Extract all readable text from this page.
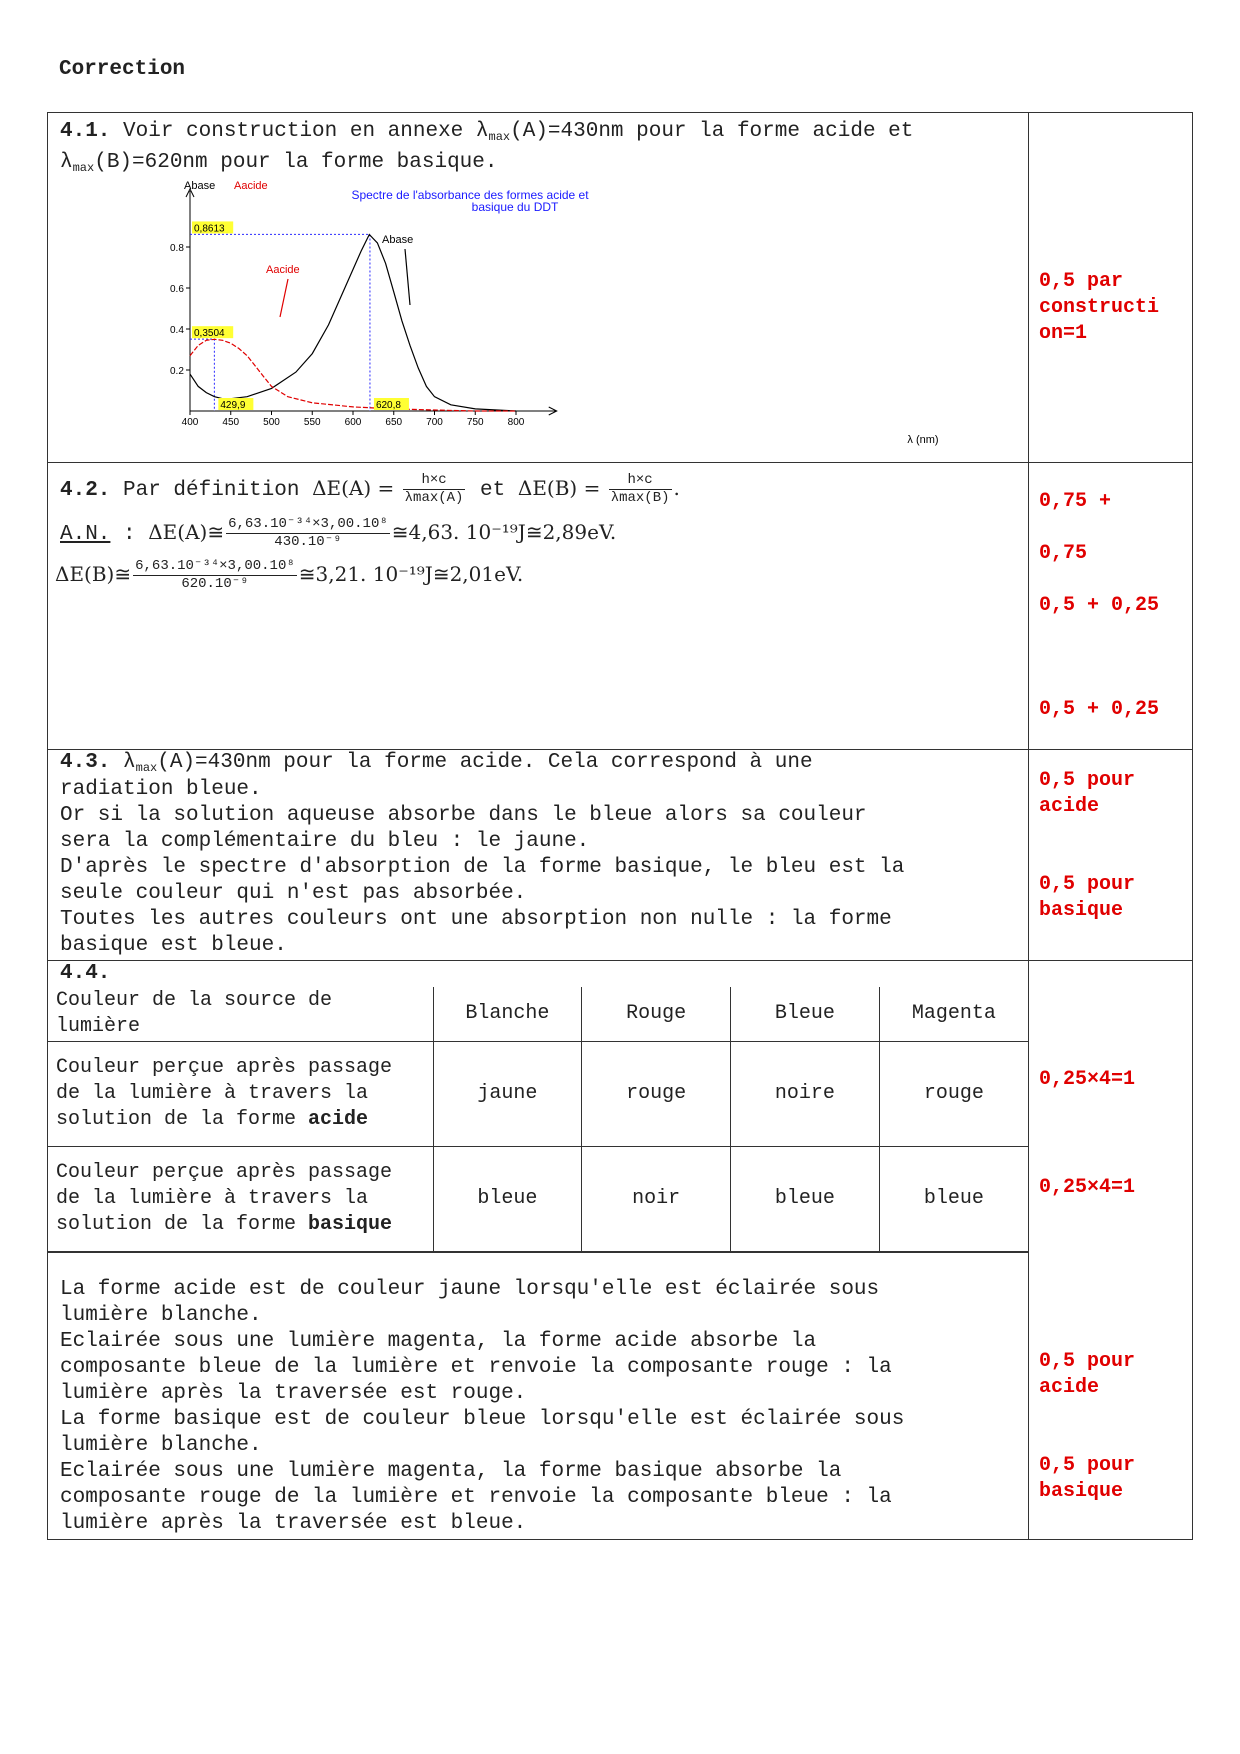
Correction
4.1. Voir construction en annexe λmax(A)=430nm pour la forme acide et
λmax(B)=620nm pour la forme basique.
400 450 500 550 600 650 700 750 800
0.2
0.4
0.6
0.8
0,8613
0,3504
429,9	620,8
Abase
Aacide
Spectre de l'absorbance des formes acide et
basique du DDT
Abase Aacide
λ (nm)

0,5 par
constructi
on=1

4.2. Par définition $\Delta E(A) = \frac{h\times c}{\lambda\max(A)}$ et $\Delta E(B) = \frac{h\times c}{\lambda\max(B)}$ .
A.N. : ΔE(A)≅ $\frac{\text{6,63.10⁻³⁴×3,00.10⁸}}{\text{430.10⁻⁹}}$ ≅4,63. 10⁻¹⁹J≅2,89eV.
ΔE(B)≅ $\frac{\text{6,63.10⁻³⁴×3,00.10⁸}}{\text{620.10⁻⁹}}$ ≅3,21. 10⁻¹⁹J≅2,01eV.

0,75 +

0,75

0,5 + 0,25

0,5 + 0,25

4.3. λmax(A)=430nm pour la forme acide. Cela correspond à une
radiation bleue.
Or si la solution aqueuse absorbe dans le bleue alors sa couleur
sera la complémentaire du bleu : le jaune.
D'après le spectre d'absorption de la forme basique, le bleu est la
seule couleur qui n'est pas absorbée.
Toutes les autres couleurs ont une absorption non nulle : la forme
basique est bleue.

0,5 pour
acide
0,5 pour
basique

4.4.
Couleur de la source de lumière	Blanche	Rouge	Bleue	Magenta
Couleur perçue après passage de la lumière à travers la solution de la forme acide	jaune	rouge	noire	rouge
Couleur perçue après passage de la lumière à travers la solution de la forme basique	bleue	noir	bleue	bleue
La forme acide est de couleur jaune lorsqu'elle est éclairée sous
lumière blanche.
Eclairée sous une lumière magenta, la forme acide absorbe la
composante bleue de la lumière et renvoie la composante rouge : la
lumière après la traversée est rouge.
La forme basique est de couleur bleue lorsqu'elle est éclairée sous
lumière blanche.
Eclairée sous une lumière magenta, la forme basique absorbe la
composante rouge de la lumière et renvoie la composante bleue : la
lumière après la traversée est bleue.

0,25×4=1
0,25×4=1
0,5 pour
acide
0,5 pour
basique
